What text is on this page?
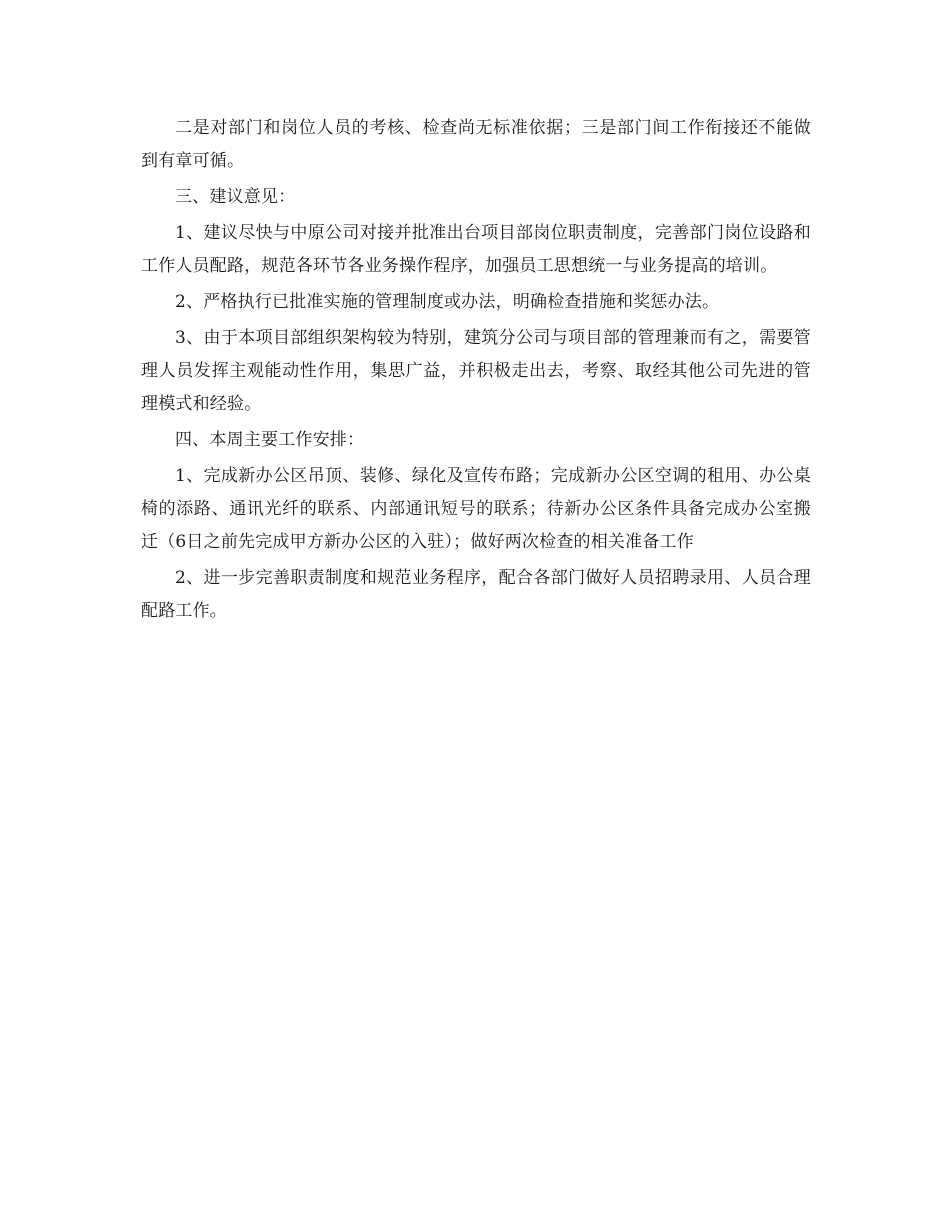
二是对部门和岗位人员的考核、检查尚无标准依据；三是部门间工作衔接还不能做到有章可循。

三、建议意见：

1、建议尽快与中原公司对接并批准出台项目部岗位职责制度，完善部门岗位设路和工作人员配路，规范各环节各业务操作程序，加强员工思想统一与业务提高的培训。

2、严格执行已批准实施的管理制度或办法，明确检查措施和奖惩办法。

3、由于本项目部组织架构较为特别，建筑分公司与项目部的管理兼而有之，需要管理人员发挥主观能动性作用，集思广益，并积极走出去，考察、取经其他公司先进的管理模式和经验。

四、本周主要工作安排：

1、完成新办公区吊顶、装修、绿化及宣传布路；完成新办公区空调的租用、办公桌椅的添路、通讯光纤的联系、内部通讯短号的联系；待新办公区条件具备完成办公室搬迁（6日之前先完成甲方新办公区的入驻）；做好两次检查的相关准备工作

2、进一步完善职责制度和规范业务程序，配合各部门做好人员招聘录用、人员合理配路工作。
